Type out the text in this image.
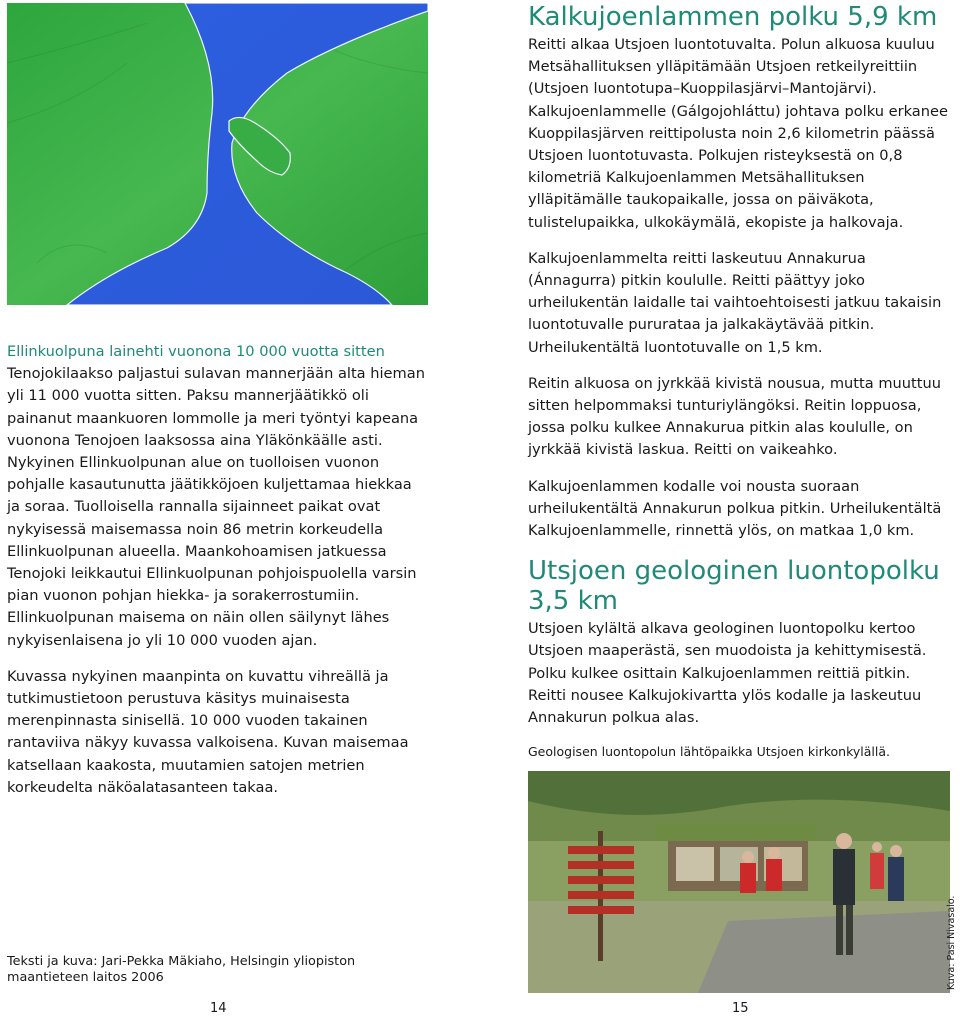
Ellinkuolpuna lainehti vuonona 10 000 vuotta sitten Tenojokilaakso paljastui sulavan mannerjään alta hieman yli 11 000 vuotta sitten. Paksu mannerjäätikkö oli painanut maankuoren lommolle ja meri työntyi kapeana vuonona Tenojoen laaksossa aina Yläkönkäälle asti. Nykyinen Ellinkuolpunan alue on tuolloisen vuonon pohjalle kasautunutta jäätikköjoen kuljettamaa hiekkaa ja soraa. Tuolloisella rannalla sijainneet paikat ovat nykyisessä maisemassa noin 86 metrin korkeudella Ellinkuolpunan alueella. Maankohoamisen jatkuessa Tenojoki leikkautui Ellinkuolpunan pohjoispuolella varsin pian vuonon pohjan hiekka- ja sorakerrostumiin. Ellinkuolpunan maisema on näin ollen säilynyt lähes nykyisenlaisena jo yli 10 000 vuoden ajan.

Kuvassa nykyinen maanpinta on kuvattu vihreällä ja tutkimustietoon perustuva käsitys muinaisesta merenpinnasta sinisellä. 10 000 vuoden takainen rantaviiva näkyy kuvassa valkoisena. Kuvan maisemaa katsellaan kaakosta, muutamien satojen metrien korkeudelta näköalatasanteen takaa.

Teksti ja kuva: Jari-Pekka Mäkiaho, Helsingin yliopiston maantieteen laitos 2006
14
Kalkujoenlammen polku 5,9 km

Reitti alkaa Utsjoen luontotuvalta. Polun alkuosa kuuluu Metsähallituksen ylläpitämään Utsjoen retkeilyreittiin (Utsjoen luontotupa–Kuoppilasjärvi–Mantojärvi). Kalkujoenlammelle (Gálgojohláttu) johtava polku erkanee Kuoppilasjärven reittipolusta noin 2,6 kilometrin päässä Utsjoen luontotuvasta. Polkujen risteyksestä on 0,8 kilometriä Kalkujoenlammen Metsähallituksen ylläpitämälle taukopaikalle, jossa on päiväkota, tulistelupaikka, ulkokäymälä, ekopiste ja halkovaja.

Kalkujoenlammelta reitti laskeutuu Annakurua (Ánnagurra) pitkin koululle. Reitti päättyy joko urheilukentän laidalle tai vaihtoehtoisesti jatkuu takaisin luontotuvalle pururataa ja jalkakäytävää pitkin. Urheilukentältä luontotuvalle on 1,5 km.

Reitin alkuosa on jyrkkää kivistä nousua, mutta muuttuu sitten helpommaksi tunturiylängöksi. Reitin loppuosa, jossa polku kulkee Annakurua pitkin alas koululle, on jyrkkää kivistä laskua. Reitti on vaikeahko.

Kalkujoenlammen kodalle voi nousta suoraan urheilukentältä Annakurun polkua pitkin. Urheilukentältä Kalkujoenlammelle, rinnettä ylös, on matkaa 1,0 km.

Utsjoen geologinen luontopolku 3,5 km

Utsjoen kylältä alkava geologinen luontopolku kertoo Utsjoen maaperästä, sen muodoista ja kehittymisestä. Polku kulkee osittain Kalkujoenlammen reittiä pitkin. Reitti nousee Kalkujokivartta ylös kodalle ja laskeutuu Annakurun polkua alas.

Geologisen luontopolun lähtöpaikka Utsjoen kirkonkylällä.
Kuva: Pasi Nivasalo.
15
